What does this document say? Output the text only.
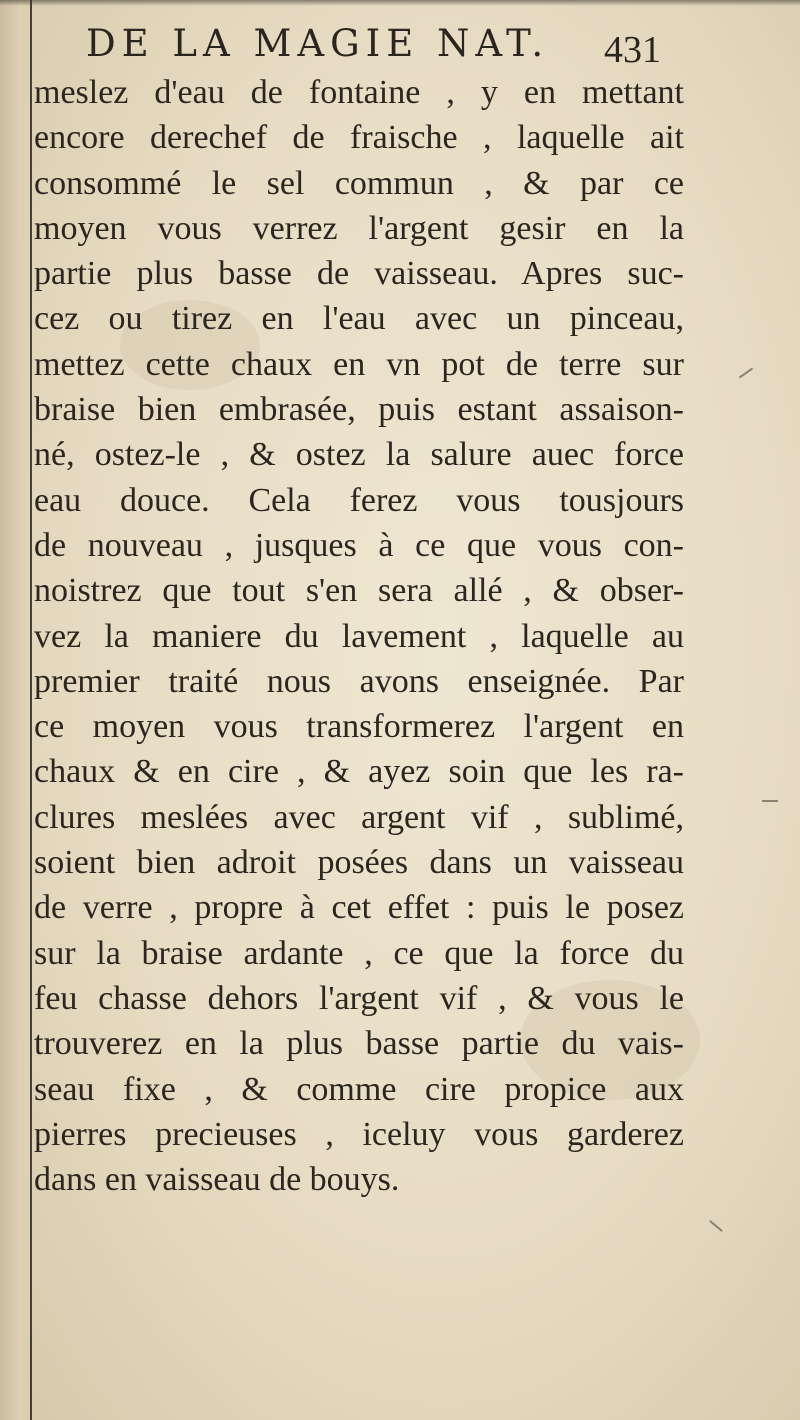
DE LA MAGIE NAT.	431
meslez d'eau de fontaine , y en mettant
encore derechef de fraische , laquelle ait
consommé le sel commun , & par ce
moyen vous verrez l'argent gesir en la
partie plus basse de vaisseau. Apres suc-
cez ou tirez en l'eau avec un pinceau,
mettez cette chaux en vn pot de terre sur
braise bien embrasée, puis estant assaison-
né, ostez-le , & ostez la salure auec force
eau douce. Cela ferez vous tousjours
de nouveau , jusques à ce que vous con-
noistrez que tout s'en sera allé , & obser-
vez la maniere du lavement , laquelle au
premier traité nous avons enseignée. Par
ce moyen vous transformerez l'argent en
chaux & en cire , & ayez soin que les ra-
clures meslées avec argent vif , sublimé,
soient bien adroit posées dans un vaisseau
de verre , propre à cet effet : puis le posez
sur la braise ardante , ce que la force du
feu chasse dehors l'argent vif , & vous le
trouverez en la plus basse partie du vais-
seau fixe , & comme cire propice aux
pierres precieuses , iceluy vous garderez
dans en vaisseau de bouys.
